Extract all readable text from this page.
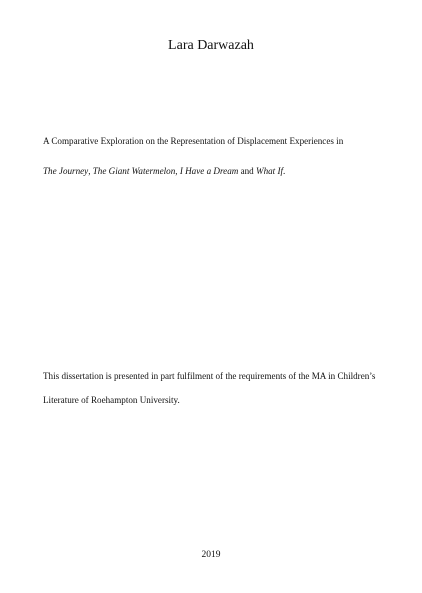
Lara Darwazah
A Comparative Exploration on the Representation of Displacement Experiences in
The Journey, The Giant Watermelon, I Have a Dream and What If.
This dissertation is presented in part fulfilment of the requirements of the MA in Children’s
Literature of Roehampton University.
2019
